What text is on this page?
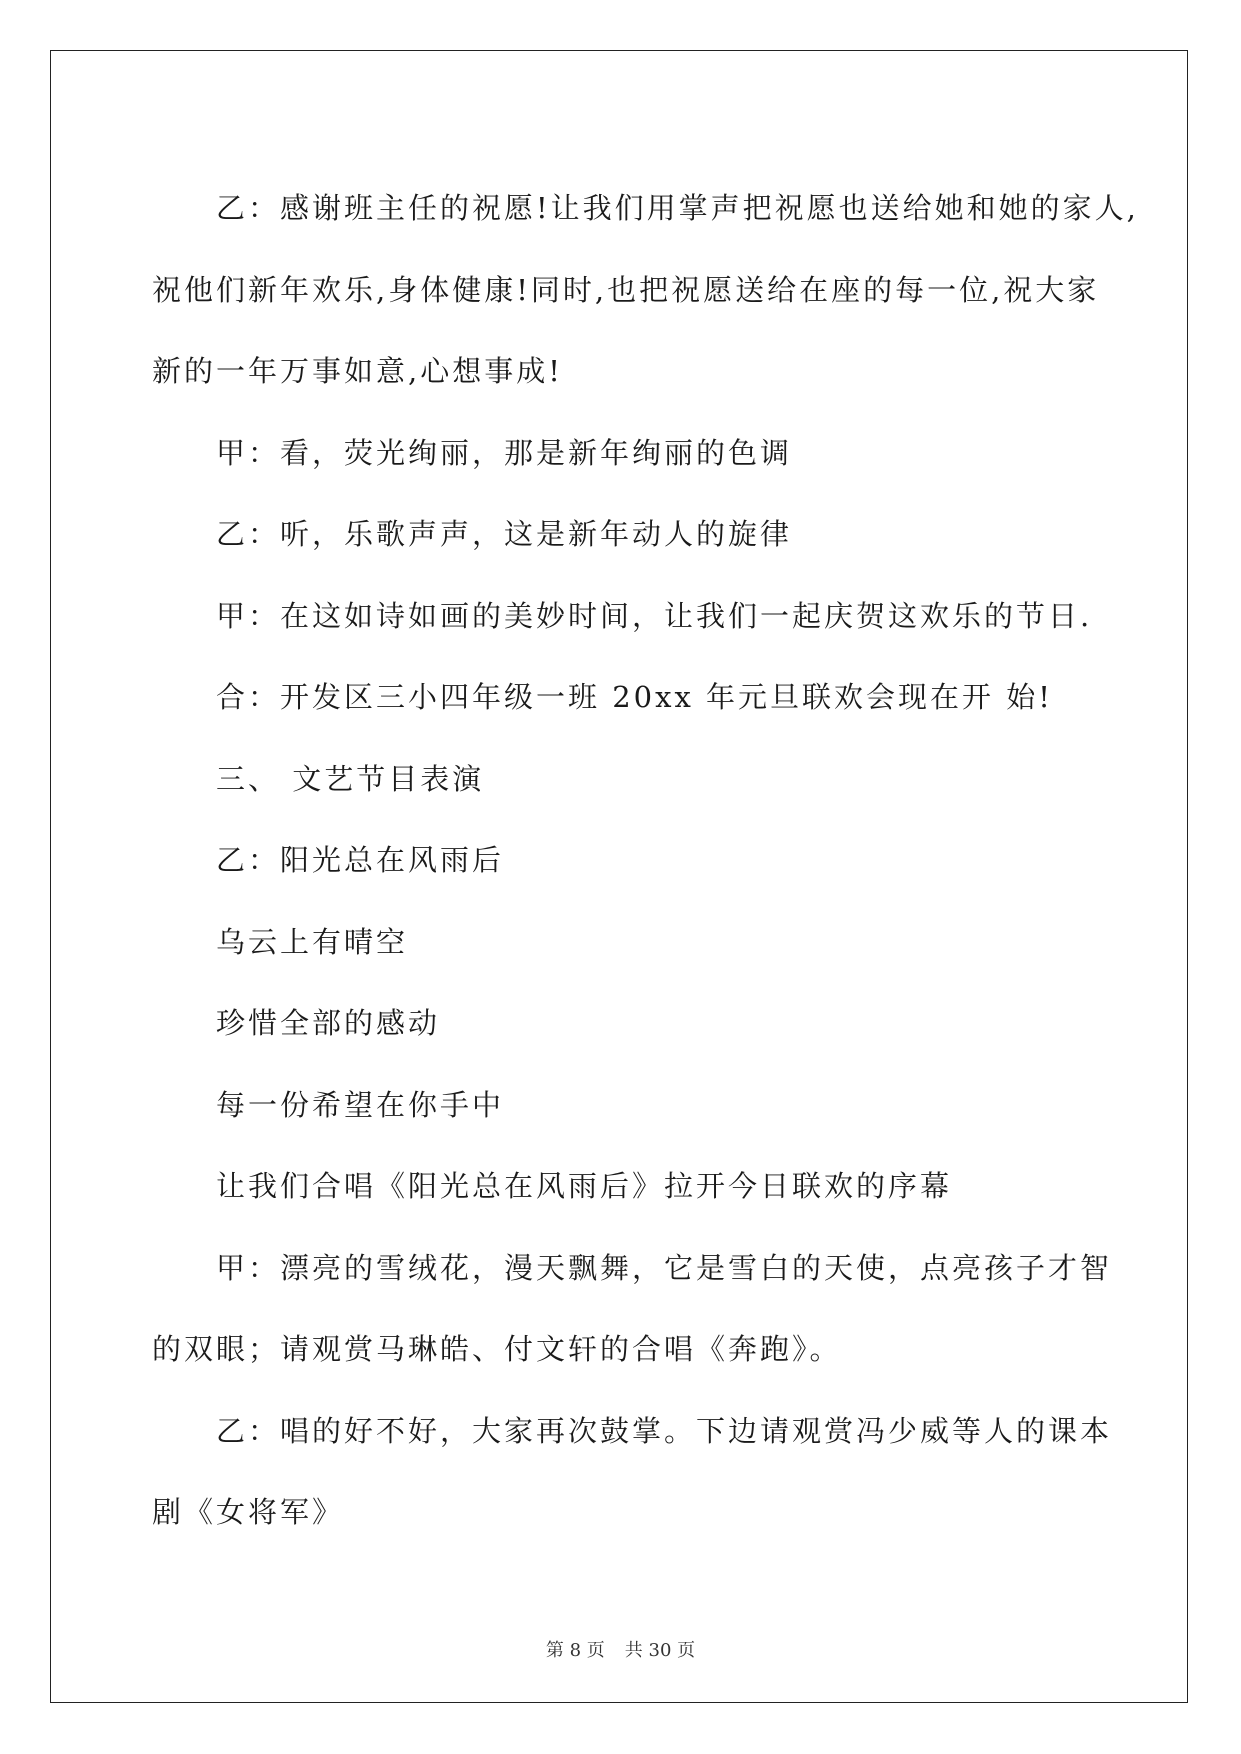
乙：感谢班主任的祝愿!让我们用掌声把祝愿也送给她和她的家人,

祝他们新年欢乐,身体健康!同时,也把祝愿送给在座的每一位,祝大家

新的一年万事如意,心想事成!

甲：看，荧光绚丽，那是新年绚丽的色调

乙：听，乐歌声声，这是新年动人的旋律

甲：在这如诗如画的美妙时间，让我们一起庆贺这欢乐的节日.

合：开发区三小四年级一班 20xx 年元旦联欢会现在开 始!

三、 文艺节目表演

乙：阳光总在风雨后

乌云上有晴空

珍惜全部的感动

每一份希望在你手中

让我们合唱《阳光总在风雨后》拉开今日联欢的序幕

甲：漂亮的雪绒花，漫天飘舞，它是雪白的天使，点亮孩子才智

的双眼；请观赏马琳皓、付文轩的合唱《奔跑》。

乙：唱的好不好，大家再次鼓掌。下边请观赏冯少威等人的课本

剧《女将军》

第 8 页 共 30 页
